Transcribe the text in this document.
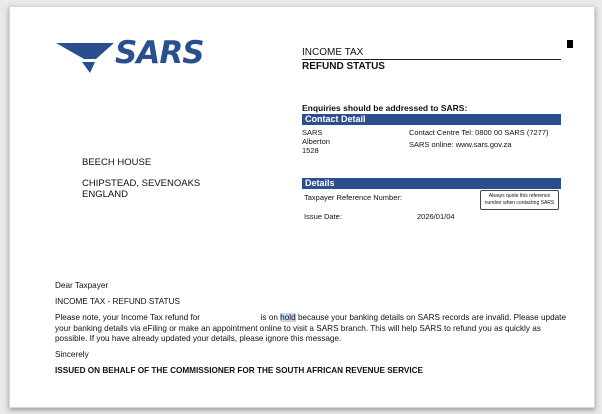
SARS	INCOME TAX
REFUND STATUS
Enquiries should be addressed to SARS:
Contact Detail
SARS
Alberton
1528
Contact Centre Tel: 0800 00 SARS (7277)
SARS online: www.sars.gov.za
BEECH HOUSE
CHIPSTEAD, SEVENOAKS
ENGLAND
Details
Taxpayer Reference Number:	Always quote this reference number when contacting SARS
Issue Date:	2026/01/04
Dear Taxpayer
INCOME TAX - REFUND STATUS
Please note, your Income Tax refund for	is on hold because your banking details on SARS records are invalid. Please update your banking details via eFiling or make an appointment online to visit a SARS branch. This will help SARS to refund you as quickly as possible. If you have already updated your details, please ignore this message.
Sincerely
ISSUED ON BEHALF OF THE COMMISSIONER FOR THE SOUTH AFRICAN REVENUE SERVICE
